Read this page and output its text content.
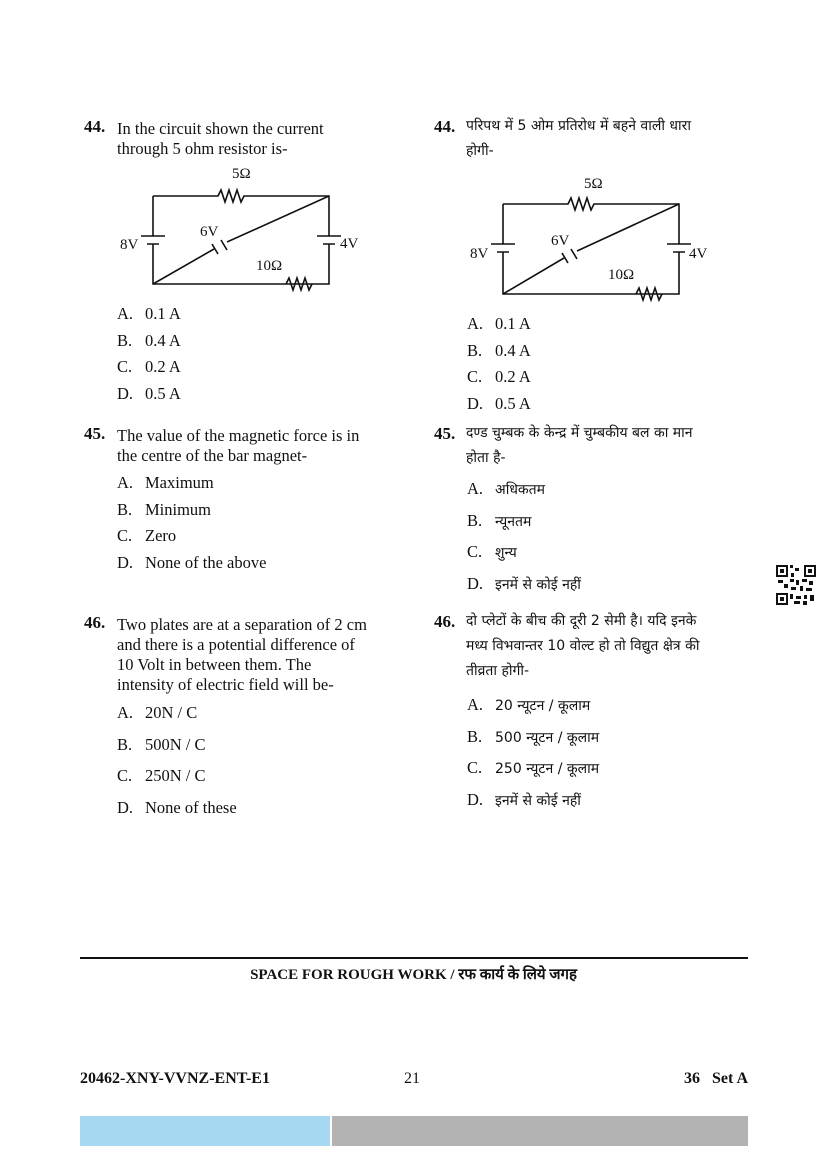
44. In the circuit shown the current
through 5 ohm resistor is-
5Ω
10Ω
8V
6V
4V
A. 0.1 A
B. 0.4 A
C. 0.2 A
D. 0.5 A
45. The value of the magnetic force is in
the centre of the bar magnet-
A. Maximum
B. Minimum
C. Zero
D. None of the above
46. Two plates are at a separation of 2 cm
and there is a potential difference of
10 Volt in between them. The
intensity of electric field will be-
A. 20N / C
B. 500N / C
C. 250N / C
D. None of these
44. परिपथ में 5 ओम प्रतिरोध में बहने वाली धारा
होगी-
5Ω
10Ω
8V
6V
4V
A. 0.1 A
B. 0.4 A
C. 0.2 A
D. 0.5 A
45. दण्ड चुम्बक के केन्द्र में चुम्बकीय बल का मान
होता है-
A. अधिकतम
B. न्यूनतम
C. शुन्य
D. इनमें से कोई नहीं
46. दो प्लेटों के बीच की दूरी 2 सेमी है। यदि इनके
मध्य विभवान्तर 10 वोल्ट हो तो विद्युत क्षेत्र की
तीव्रता होगी-
A. 20 न्यूटन / कूलाम
B. 500 न्यूटन / कूलाम
C. 250 न्यूटन / कूलाम
D. इनमें से कोई नहीं
SPACE FOR ROUGH WORK / रफ कार्य के लिये जगह
20462-XNY-VVNZ-ENT-E1	21	36   Set A
